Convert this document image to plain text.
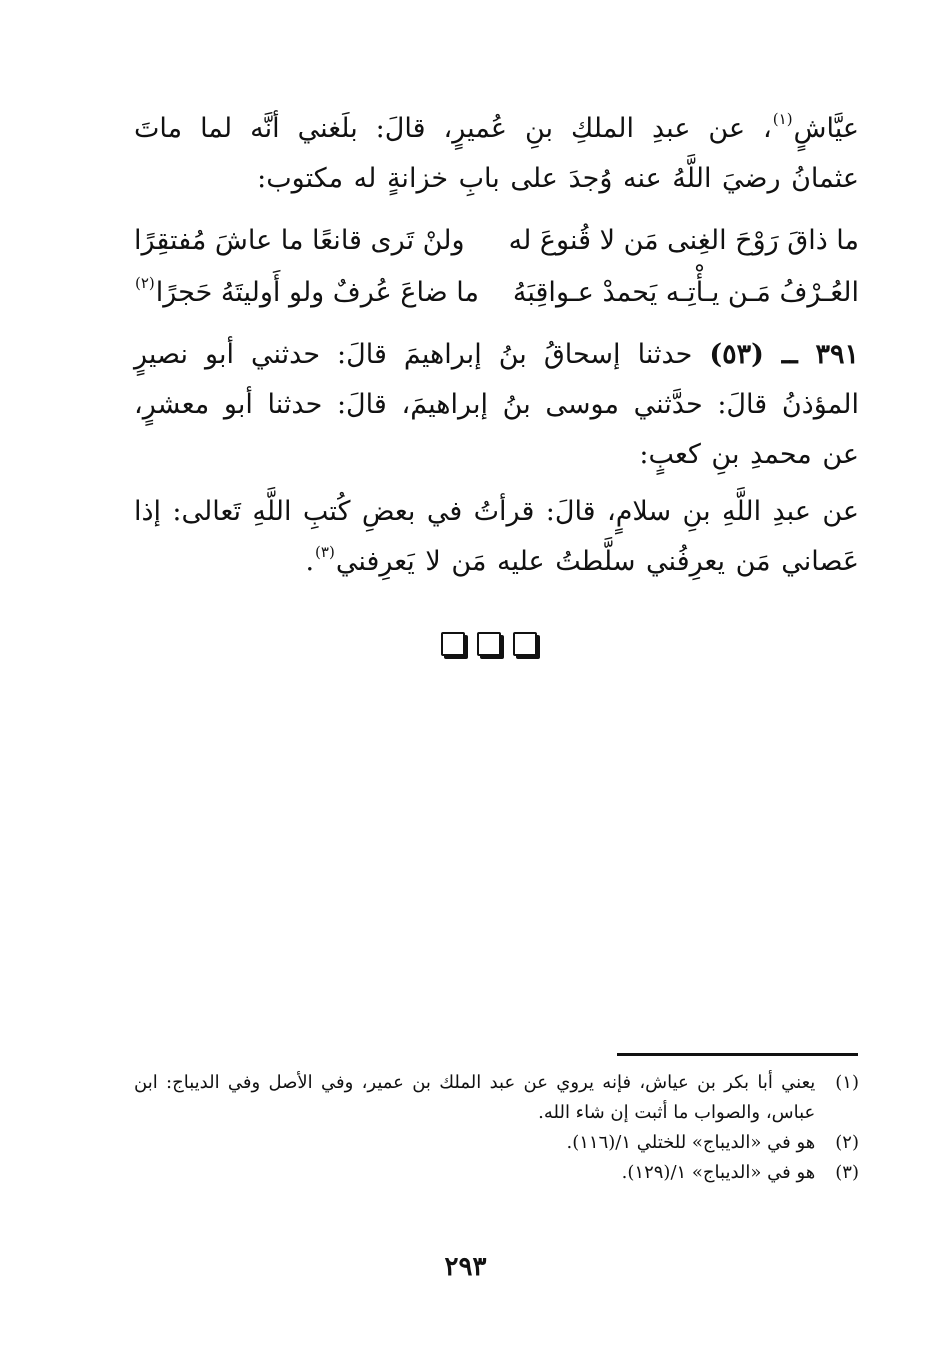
عيَّاشٍ$^{(١)}$، عن عبدِ الملكِ بنِ عُميرٍ، قالَ: بلَغني أنَّه لما ماتَ عثمانُ رضيَ اللَّهُ عنه وُجدَ على بابِ خزانةٍ له مكتوب:

ما ذاقَ رَوْحَ الغِنى مَن لا قُنوعَ له
ولنْ تَرى قانعًا ما عاشَ مُفتقِرًا
العُـرْفُ مَـن يـأْتِـه يَحمدْ عـواقِبَهُ
ما ضاعَ عُرفٌ ولو أَوليتَهُ حَجرًا$^{(٢)}$

٣٩١ ــ (٥٣) حدثنا إسحاقُ بنُ إبراهيمَ قالَ: حدثني أبو نصيرٍ المؤذنُ قالَ: حدَّثني موسى بنُ إبراهيمَ، قالَ: حدثنا أبو معشرٍ، عن محمدِ بنِ كعبٍ:

عن عبدِ اللَّهِ بنِ سلامٍ، قالَ: قرأتُ في بعضِ كُتبِ اللَّهِ تَعالى: إذا عَصاني مَن يعرِفُني سلَّطتُ عليه مَن لا يَعرِفني$^{(٣)}$.

(١)
يعني أبا بكر بن عياش، فإنه يروي عن عبد الملك بن عمير، وفي الأصل وفي الديباج: ابن عباس، والصواب ما أثبت إن شاء الله.
(٢)
هو في «الديباج» للختلي ١/(١١٦).
(٣)
هو في «الديباج» ١/(١٢٩).
٢٩٣
